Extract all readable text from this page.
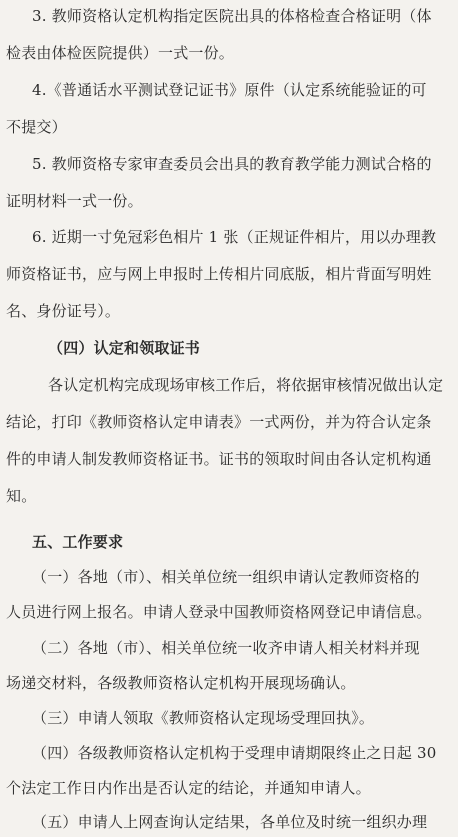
3. 教师资格认定机构指定医院出具的体格检查合格证明（体
检表由体检医院提供）一式一份。
4.《普通话水平测试登记证书》原件（认定系统能验证的可
不提交）
5. 教师资格专家审查委员会出具的教育教学能力测试合格的
证明材料一式一份。
6. 近期一寸免冠彩色相片 1 张（正规证件相片，用以办理教
师资格证书，应与网上申报时上传相片同底版，相片背面写明姓
名、身份证号）。
（四）认定和领取证书
各认定机构完成现场审核工作后，将依据审核情况做出认定
结论，打印《教师资格认定申请表》一式两份，并为符合认定条
件的申请人制发教师资格证书。证书的领取时间由各认定机构通
知。
五、工作要求
（一）各地（市）、相关单位统一组织申请认定教师资格的
人员进行网上报名。申请人登录中国教师资格网登记申请信息。
（二）各地（市）、相关单位统一收齐申请人相关材料并现
场递交材料，各级教师资格认定机构开展现场确认。
（三）申请人领取《教师资格认定现场受理回执》。
（四）各级教师资格认定机构于受理申请期限终止之日起 30
个法定工作日内作出是否认定的结论，并通知申请人。
（五）申请人上网查询认定结果，各单位及时统一组织办理
